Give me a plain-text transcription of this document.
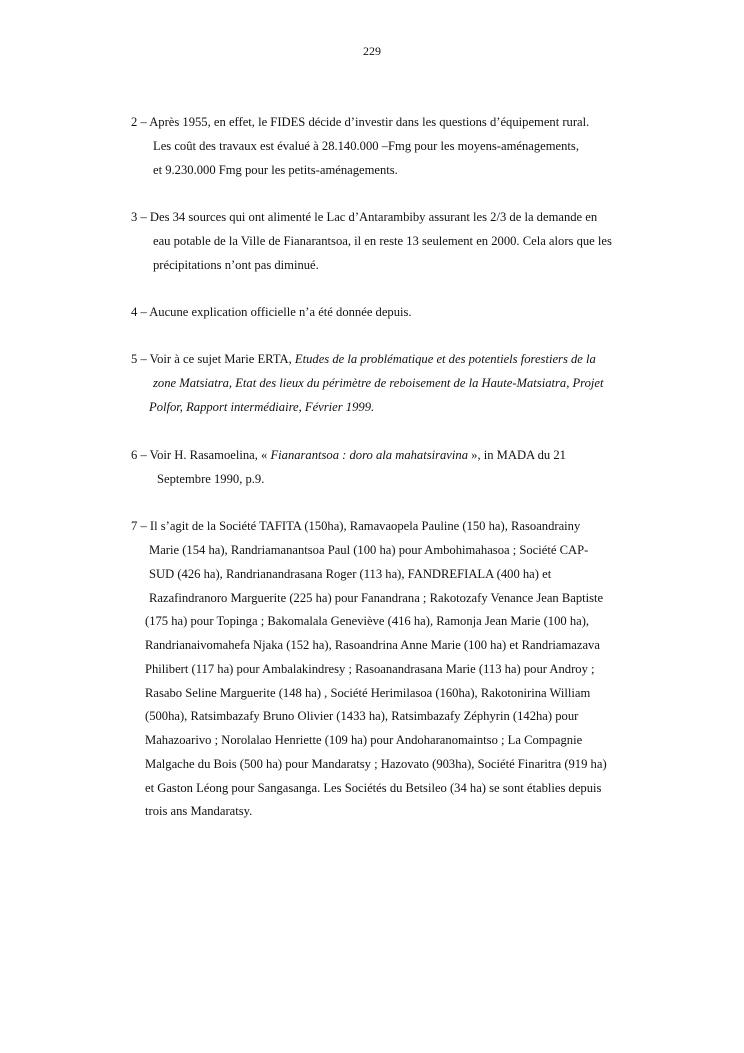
229
2 – Après 1955, en effet, le FIDES décide d’investir dans les questions d’équipement rural.
Les coût des travaux est évalué à 28.140.000 –Fmg pour les moyens-aménagements,
et 9.230.000 Fmg pour les petits-aménagements.
3 – Des 34 sources qui ont alimenté le Lac d’Antarambiby assurant les 2/3 de la demande en
eau potable de la Ville de Fianarantsoa, il en reste 13 seulement en 2000. Cela alors que les
précipitations n’ont pas diminué.
4 – Aucune explication officielle n’a été donnée depuis.
5 – Voir à ce sujet Marie ERTA, Etudes de la problématique et des potentiels forestiers de la
zone Matsiatra, Etat des lieux du périmètre de reboisement de la Haute-Matsiatra, Projet
Polfor, Rapport intermédiaire, Février 1999.
6 – Voir H. Rasamoelina, « Fianarantsoa : doro ala mahatsiravina », in MADA du 21
Septembre 1990, p.9.
7 – Il s’agit de la Société TAFITA (150ha), Ramavaopela Pauline (150 ha), Rasoandrainy
Marie (154 ha), Randriamanantsoa Paul (100 ha) pour Ambohimahasoa ; Société CAP-
SUD (426 ha), Randrianandrasana Roger (113 ha), FANDREFIALA (400 ha) et
Razafindranoro Marguerite (225 ha) pour Fanandrana ; Rakotozafy Venance Jean Baptiste
(175 ha) pour Topinga ; Bakomalala Geneviève (416 ha), Ramonja Jean Marie (100 ha),
Randrianaivomahefa Njaka (152 ha), Rasoandrina Anne Marie (100 ha) et Randriamazava
Philibert (117 ha) pour Ambalakindresy ; Rasoanandrasana Marie (113 ha) pour Androy ;
Rasabo Seline Marguerite (148 ha) , Société Herimilasoa (160ha), Rakotonirina William
(500ha), Ratsimbazafy Bruno Olivier (1433 ha), Ratsimbazafy Zéphyrin (142ha) pour
Mahazoarivo ; Norolalao Henriette (109 ha) pour Andoharanomaintso ; La Compagnie
Malgache du Bois (500 ha) pour Mandaratsy ; Hazovato (903ha), Société Finaritra (919 ha)
et Gaston Léong pour Sangasanga. Les Sociétés du Betsileo (34 ha) se sont établies depuis
trois ans Mandaratsy.
